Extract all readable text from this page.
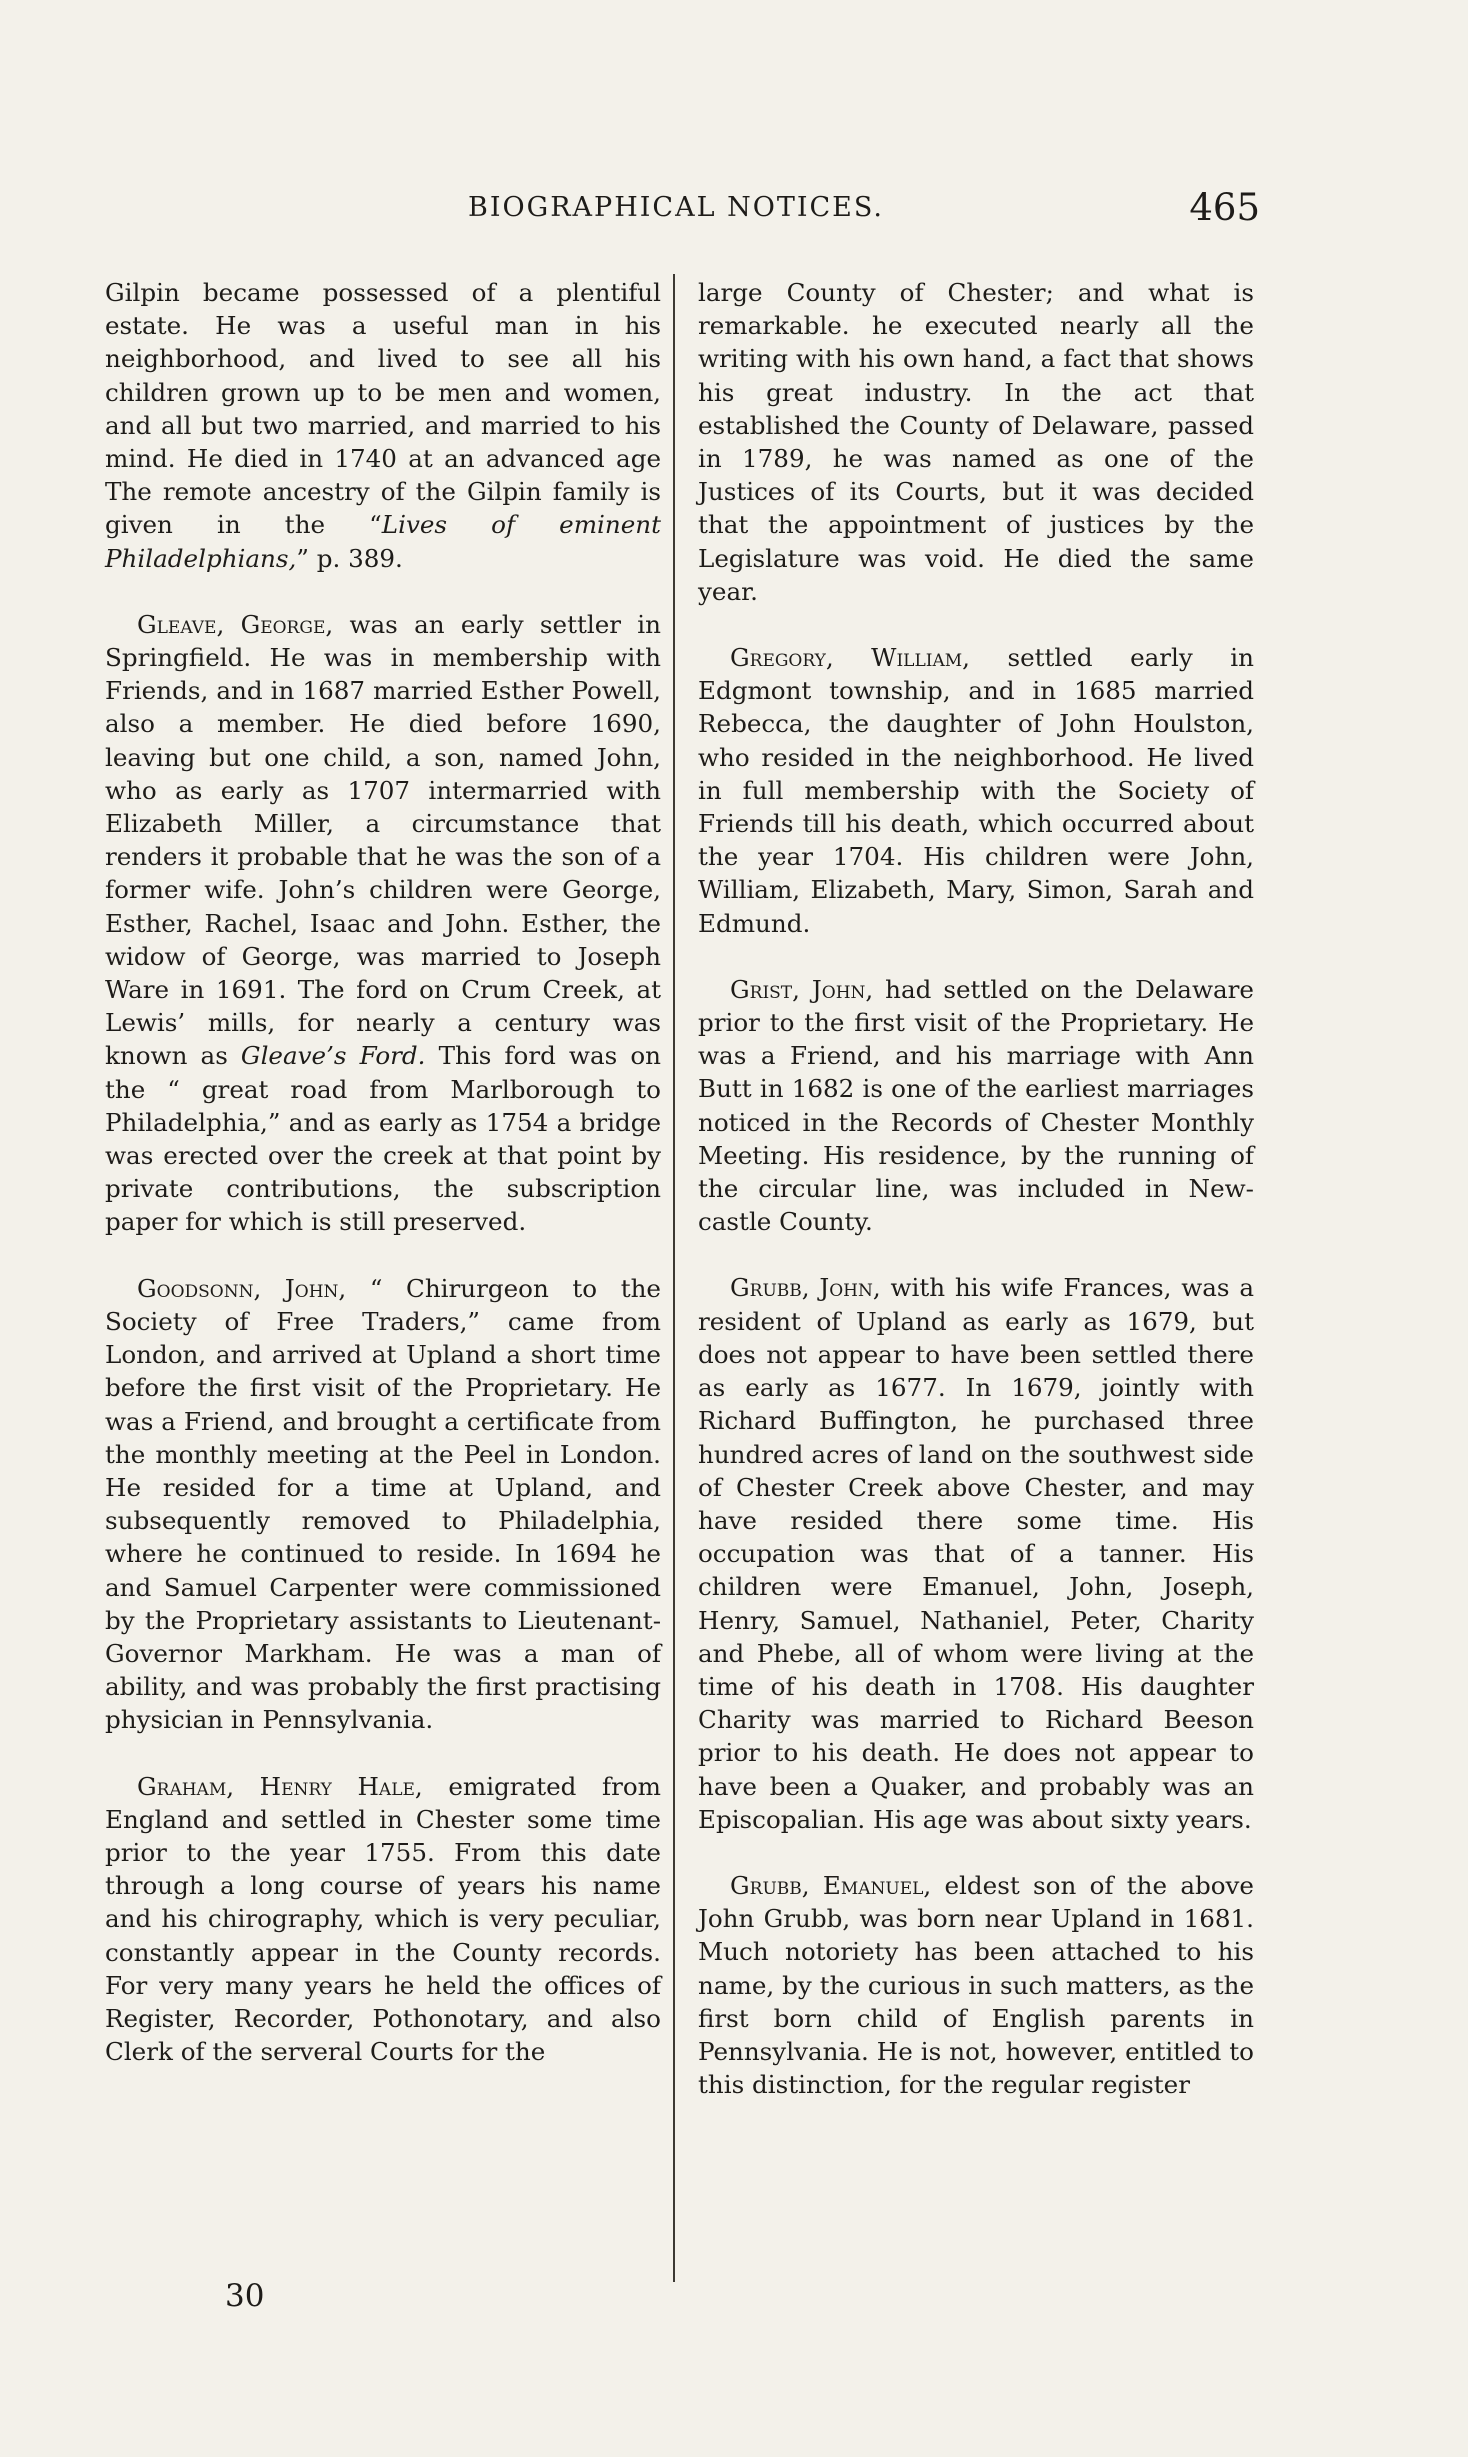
BIOGRAPHICAL NOTICES.	465

Gilpin became possessed of a plentiful estate. He was a useful man in his neighborhood, and lived to see all his children grown up to be men and women, and all but two married, and married to his mind. He died in 1740 at an advanced age The remote ancestry of the Gilpin family is given in the “Lives of eminent Philadelphians,” p. 389.

Gleave, George, was an early settler in Springfield. He was in membership with Friends, and in 1687 married Esther Powell, also a member. He died before 1690, leaving but one child, a son, named John, who as early as 1707 intermarried with Elizabeth Miller, a circumstance that renders it probable that he was the son of a former wife. John’s children were George, Esther, Rachel, Isaac and John. Esther, the widow of George, was married to Joseph Ware in 1691. The ford on Crum Creek, at Lewis’ mills, for nearly a century was known as Gleave’s Ford. This ford was on the “ great road from Marlborough to Philadelphia,” and as early as 1754 a bridge was erected over the creek at that point by private contributions, the subscription paper for which is still preserved.

Goodsonn, John, “ Chirurgeon to the Society of Free Traders,” came from London, and arrived at Upland a short time before the first visit of the Proprietary. He was a Friend, and brought a certificate from the monthly meeting at the Peel in London. He resided for a time at Upland, and subsequently removed to Philadelphia, where he continued to reside. In 1694 he and Samuel Carpenter were commissioned by the Proprietary assistants to Lieutenant-Governor Markham. He was a man of ability, and was probably the first practising physician in Pennsylvania.

Graham, Henry Hale, emigrated from England and settled in Chester some time prior to the year 1755. From this date through a long course of years his name and his chirography, which is very peculiar, constantly appear in the County records. For very many years he held the offices of Register, Recorder, Pothonotary, and also Clerk of the serveral Courts for the

large County of Chester; and what is remarkable. he executed nearly all the writing with his own hand, a fact that shows his great industry. In the act that established the County of Delaware, passed in 1789, he was named as one of the Justices of its Courts, but it was decided that the appointment of justices by the Legislature was void. He died the same year.

Gregory, William, settled early in Edgmont township, and in 1685 married Rebecca, the daughter of John Houlston, who resided in the neighborhood. He lived in full membership with the Society of Friends till his death, which occurred about the year 1704. His children were John, William, Elizabeth, Mary, Simon, Sarah and Edmund.

Grist, John, had settled on the Delaware prior to the first visit of the Proprietary. He was a Friend, and his marriage with Ann Butt in 1682 is one of the earliest marriages noticed in the Records of Chester Monthly Meeting. His residence, by the running of the circular line, was included in New-castle County.

Grubb, John, with his wife Frances, was a resident of Upland as early as 1679, but does not appear to have been settled there as early as 1677. In 1679, jointly with Richard Buffington, he purchased three hundred acres of land on the southwest side of Chester Creek above Chester, and may have resided there some time. His occupation was that of a tanner. His children were Emanuel, John, Joseph, Henry, Samuel, Nathaniel, Peter, Charity and Phebe, all of whom were living at the time of his death in 1708. His daughter Charity was married to Richard Beeson prior to his death. He does not appear to have been a Quaker, and probably was an Episcopalian. His age was about sixty years.

Grubb, Emanuel, eldest son of the above John Grubb, was born near Upland in 1681. Much notoriety has been attached to his name, by the curious in such matters, as the first born child of English parents in Pennsylvania. He is not, however, entitled to this distinction, for the regular register

30
